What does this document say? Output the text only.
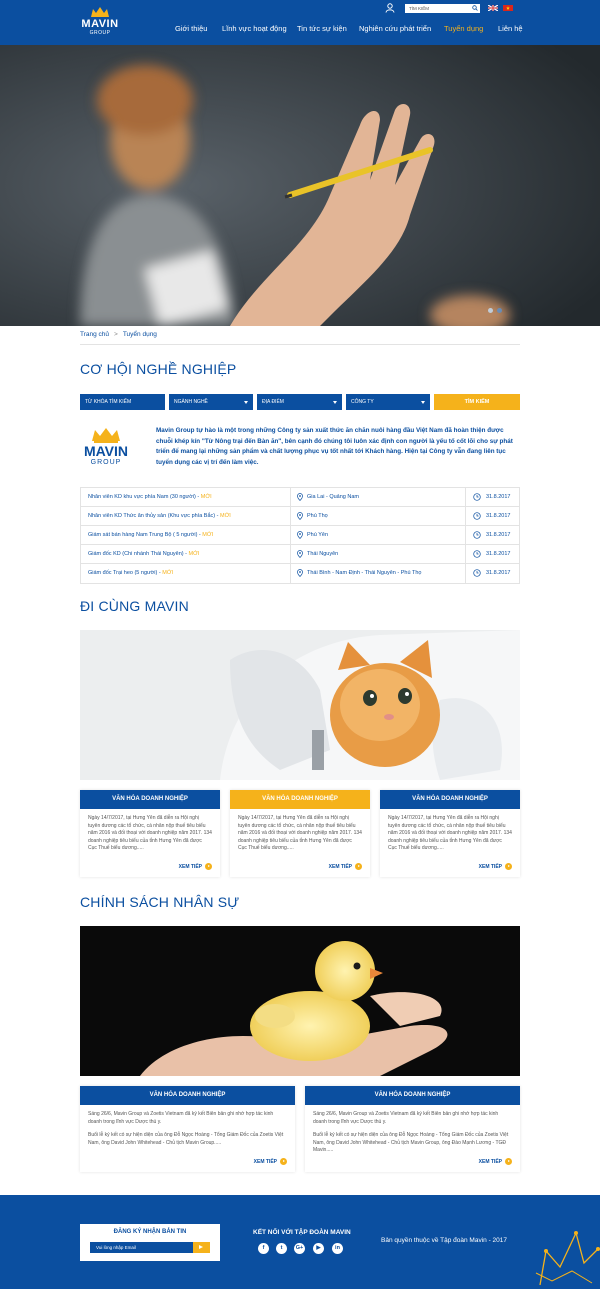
MAVIN
GROUP
TÌM KIẾM
Giới thiệu Lĩnh vực hoạt động Tin tức sự kiện Nghiên cứu phát triển Tuyển dụng Liên hệ
Trang chủ > Tuyển dụng
CƠ HỘI NGHỀ NGHIỆP
TỪ KHÓA TÌM KIẾM	NGÀNH NGHỀ	ĐỊA ĐIỂM	CÔNG TY	TÌM KIẾM
MAVIN
GROUP
Mavin Group tự hào là một trong những Công ty sản xuất thức ăn chăn nuôi hàng đầu Việt Nam đã hoàn thiện được chuỗi khép kín "Từ Nông trại đến Bàn ăn", bên cạnh đó chúng tôi luôn xác định con người là yếu tố cốt lõi cho sự phát triển để mang lại những sản phẩm và chất lượng phục vụ tốt nhất tới Khách hàng. Hiện tại Công ty vẫn đang liên tục tuyển dụng các vị trí đến làm việc.
Nhân viên KD khu vực phía Nam (30 người) - MỚI	Gia Lai - Quảng Nam	31.8.2017
Nhân viên KD Thức ăn thủy sản (Khu vực phía Bắc) - MỚI	Phú Thọ	31.8.2017
Giám sát bán hàng Nam Trung Bộ ( 5 người) - MỚI	Phú Yên	31.8.2017
Giám đốc KD (Chi nhánh Thái Nguyên) - MỚI	Thái Nguyên	31.8.2017
Giám đốc Trại heo (5 người) - MỚI	Thái Bình - Nam Định - Thái Nguyên - Phú Thọ	31.8.2017
ĐI CÙNG MAVIN
VĂN HÓA DOANH NGHIỆP
Ngày 14/7/2017, tại Hưng Yên đã diễn ra Hội nghị tuyên dương các tổ chức, cá nhân nộp thuế tiêu biểu năm 2016 và đối thoại với doanh nghiệp năm 2017. 134 doanh nghiệp tiêu biểu của tỉnh Hưng Yên đã được Cục Thuế biểu dương.....
XEM TIẾP
VĂN HÓA DOANH NGHIỆP
Ngày 14/7/2017, tại Hưng Yên đã diễn ra Hội nghị tuyên dương các tổ chức, cá nhân nộp thuế tiêu biểu năm 2016 và đối thoại với doanh nghiệp năm 2017. 134 doanh nghiệp tiêu biểu của tỉnh Hưng Yên đã được Cục Thuế biểu dương.....
XEM TIẾP
VĂN HÓA DOANH NGHIỆP
Ngày 14/7/2017, tại Hưng Yên đã diễn ra Hội nghị tuyên dương các tổ chức, cá nhân nộp thuế tiêu biểu năm 2016 và đối thoại với doanh nghiệp năm 2017. 134 doanh nghiệp tiêu biểu của tỉnh Hưng Yên đã được Cục Thuế biểu dương.....
XEM TIẾP
CHÍNH SÁCH NHÂN SỰ
VĂN HÓA DOANH NGHIỆP

Sáng 26/6, Mavin Group và Zoetis Vietnam đã ký kết Biên bản ghi nhớ hợp tác kinh doanh trong lĩnh vực Dược thú y.

Buổi lễ ký kết có sự hiện diện của ông Đỗ Ngọc Hoàng - Tổng Giám Đốc của Zoetis Việt Nam, ông David John Whitehead - Chủ tịch Mavin Group.....

XEM TIẾP
VĂN HÓA DOANH NGHIỆP

Sáng 26/6, Mavin Group và Zoetis Vietnam đã ký kết Biên bản ghi nhớ hợp tác kinh doanh trong lĩnh vực Dược thú y.

Buổi lễ ký kết có sự hiện diện của ông Đỗ Ngọc Hoàng - Tổng Giám Đốc của Zoetis Việt Nam, ông David John Whitehead - Chủ tịch Mavin Group, ông Đào Mạnh Lương - TGĐ Mavin.....

XEM TIẾP
ĐĂNG KÝ NHẬN BẢN TIN
Vui lòng nhập Email
KẾT NỐI VỚI TẬP ĐOÀN MAVIN
f	t	G+	▶	in
Bản quyền thuộc về Tập đoàn Mavin - 2017
